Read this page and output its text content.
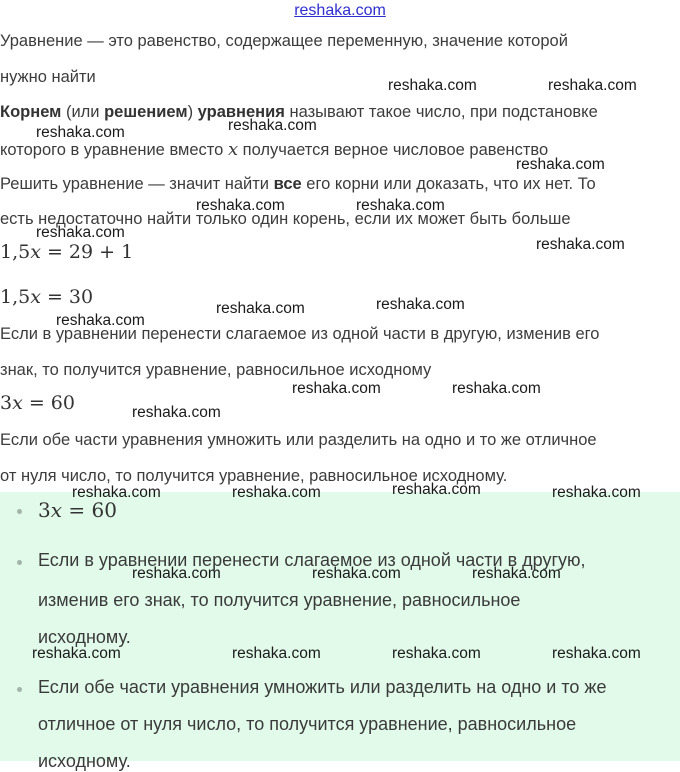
reshaka.com
Уравнение — это равенство, содержащее переменную, значение которой
нужно найти
Корнем (или решением) уравнения называют такое число, при подстановке
которого в уравнение вместо x получается верное числовое равенство
Решить уравнение — значит найти все его корни или доказать, что их нет. То
есть недостаточно найти только один корень, если их может быть больше
1,5x = 29 + 1
1,5x = 30
Если в уравнении перенести слагаемое из одной части в другую, изменив его
знак, то получится уравнение, равносильное исходному
3x = 60
Если обе части уравнения умножить или разделить на одно и то же отличное
от нуля число, то получится уравнение, равносильное исходному.
3x = 60
Если в уравнении перенести слагаемое из одной части в другую,
изменив его знак, то получится уравнение, равносильное
исходному.
Если обе части уравнения умножить или разделить на одно и то же
отличное от нуля число, то получится уравнение, равносильное
исходному.
reshaka.com	reshaka.com
reshaka.com
reshaka.com
reshaka.com
reshaka.com	reshaka.com
reshaka.com
reshaka.com
reshaka.com
reshaka.com
reshaka.com
reshaka.com	reshaka.com
reshaka.com
reshaka.com
reshaka.com	reshaka.com	reshaka.com
reshaka.com	reshaka.com	reshaka.com
reshaka.com	reshaka.com	reshaka.com	reshaka.com
